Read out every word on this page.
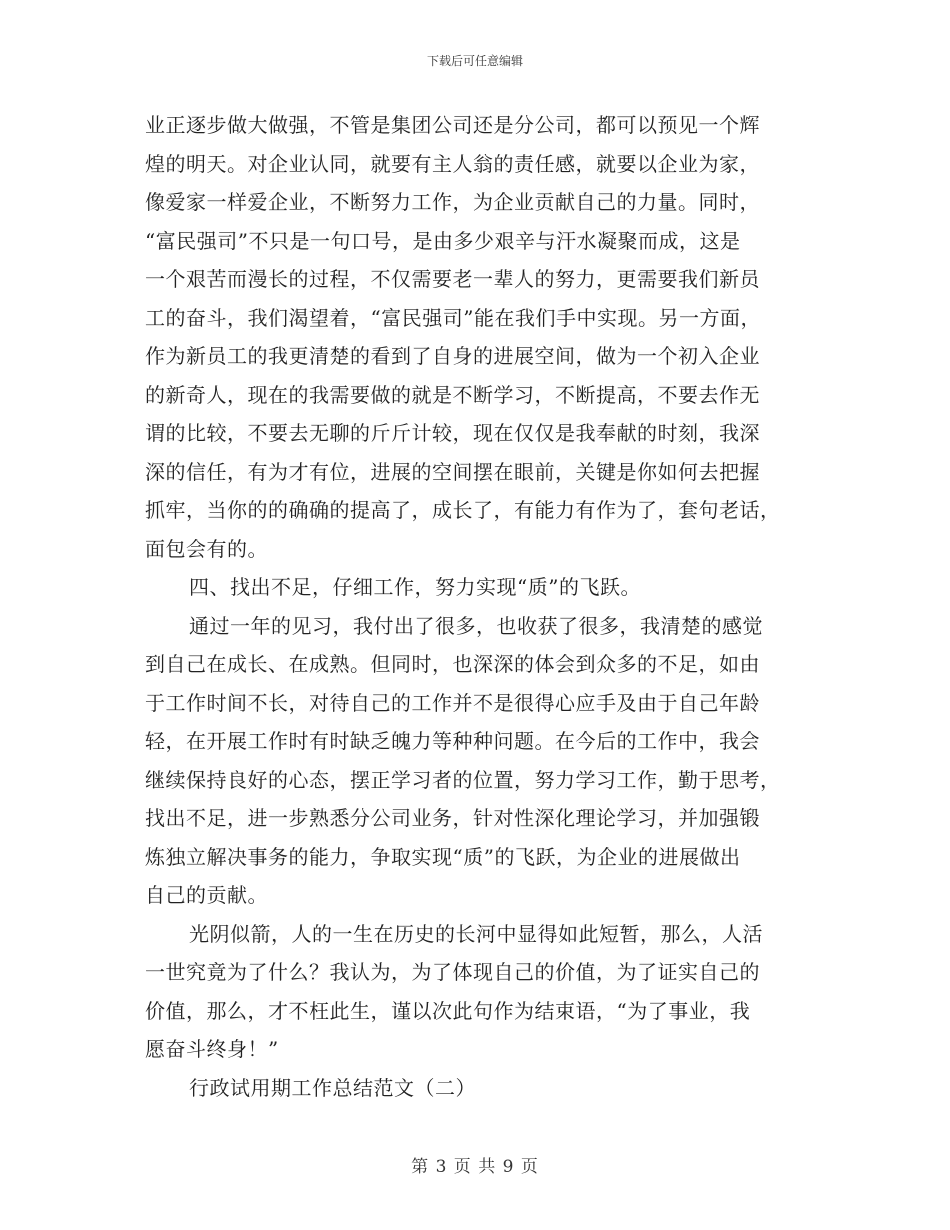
下载后可任意编辑
业正逐步做大做强，不管是集团公司还是分公司，都可以预见一个辉
煌的明天。对企业认同，就要有主人翁的责任感，就要以企业为家，
像爱家一样爱企业，不断努力工作，为企业贡献自己的力量。同时，
“富民强司”不只是一句口号，是由多少艰辛与汗水凝聚而成，这是
一个艰苦而漫长的过程，不仅需要老一辈人的努力，更需要我们新员
工的奋斗，我们渴望着，“富民强司”能在我们手中实现。另一方面，
作为新员工的我更清楚的看到了自身的进展空间，做为一个初入企业
的新奇人，现在的我需要做的就是不断学习，不断提高，不要去作无
谓的比较，不要去无聊的斤斤计较，现在仅仅是我奉献的时刻，我深
深的信任，有为才有位，进展的空间摆在眼前，关键是你如何去把握
抓牢，当你的的确确的提高了，成长了，有能力有作为了，套句老话，
面包会有的。
四、找出不足，仔细工作，努力实现“质”的飞跃。
通过一年的见习，我付出了很多，也收获了很多，我清楚的感觉
到自己在成长、在成熟。但同时，也深深的体会到众多的不足，如由
于工作时间不长，对待自己的工作并不是很得心应手及由于自己年龄
轻，在开展工作时有时缺乏魄力等种种问题。在今后的工作中，我会
继续保持良好的心态，摆正学习者的位置，努力学习工作，勤于思考，
找出不足，进一步熟悉分公司业务，针对性深化理论学习，并加强锻
炼独立解决事务的能力，争取实现“质”的飞跃，为企业的进展做出
自己的贡献。
光阴似箭，人的一生在历史的长河中显得如此短暂，那么，人活
一世究竟为了什么？我认为，为了体现自己的价值，为了证实自己的
价值，那么，才不枉此生，谨以次此句作为结束语，“为了事业，我
愿奋斗终身！”
行政试用期工作总结范文（二）
第 3 页 共 9 页
